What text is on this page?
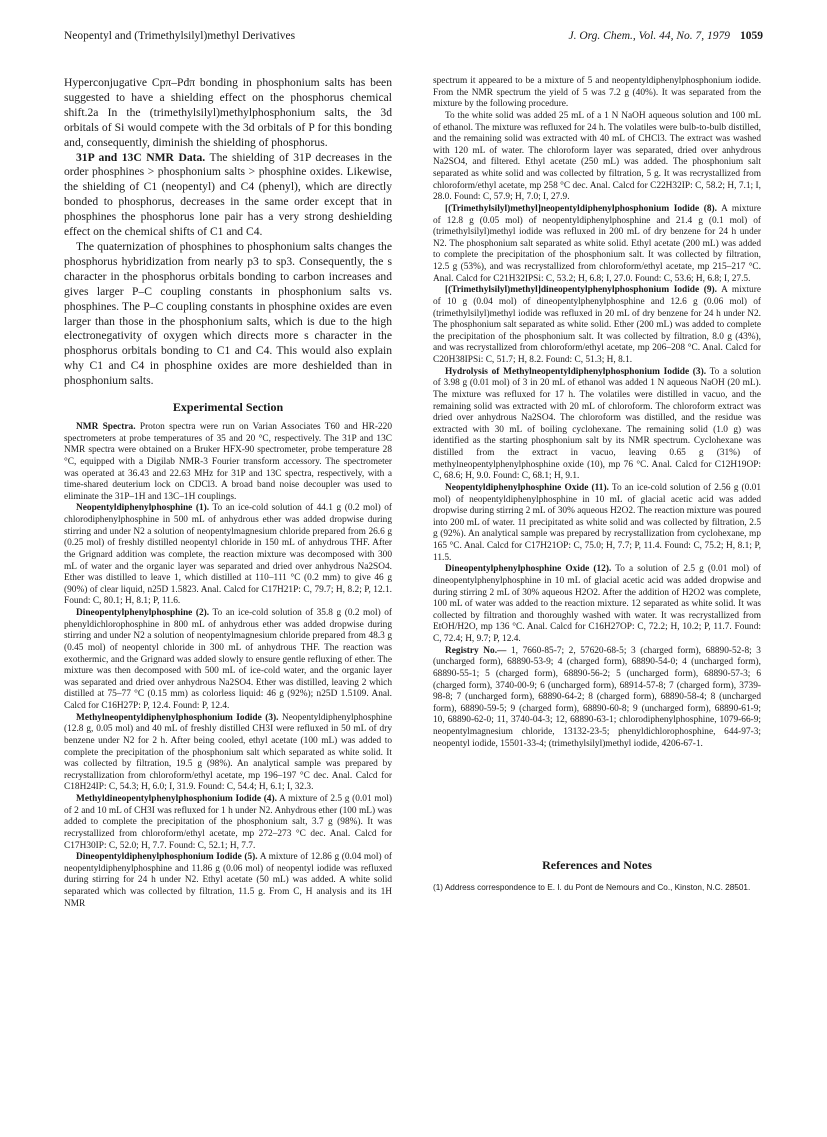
Neopentyl and (Trimethylsilyl)methyl Derivatives	J. Org. Chem., Vol. 44, No. 7, 1979 1059

Hyperconjugative Cpπ–Pdπ bonding in phosphonium salts has been suggested to have a shielding effect on the phosphorus chemical shift.2a In the (trimethylsilyl)methylphosphonium salts, the 3d orbitals of Si would compete with the 3d orbitals of P for this bonding and, consequently, diminish the shielding of phosphorus.

31P and 13C NMR Data. The shielding of 31P decreases in the order phosphines > phosphonium salts > phosphine oxides. Likewise, the shielding of C1 (neopentyl) and C4 (phenyl), which are directly bonded to phosphorus, decreases in the same order except that in phosphines the phosphorus lone pair has a very strong deshielding effect on the chemical shifts of C1 and C4.

The quaternization of phosphines to phosphonium salts changes the phosphorus hybridization from nearly p3 to sp3. Consequently, the s character in the phosphorus orbitals bonding to carbon increases and gives larger P–C coupling constants in phosphonium salts vs. phosphines. The P–C coupling constants in phosphine oxides are even larger than those in the phosphonium salts, which is due to the high electronegativity of oxygen which directs more s character in the phosphorus orbitals bonding to C1 and C4. This would also explain why C1 and C4 in phosphine oxides are more deshielded than in phosphonium salts.

Experimental Section

NMR Spectra. Proton spectra were run on Varian Associates T60 and HR-220 spectrometers at probe temperatures of 35 and 20 °C, respectively. The 31P and 13C NMR spectra were obtained on a Bruker HFX-90 spectrometer, probe temperature 28 °C, equipped with a Digilab NMR-3 Fourier transform accessory. The spectrometer was operated at 36.43 and 22.63 MHz for 31P and 13C spectra, respectively, with a time-shared deuterium lock on CDCl3. A broad band noise decoupler was used to eliminate the 31P–1H and 13C–1H couplings.

Neopentyldiphenylphosphine (1). To an ice-cold solution of 44.1 g (0.2 mol) of chlorodiphenylphosphine in 500 mL of anhydrous ether was added dropwise during stirring and under N2 a solution of neopentylmagnesium chloride prepared from 26.6 g (0.25 mol) of freshly distilled neopentyl chloride in 150 mL of anhydrous THF. After the Grignard addition was complete, the reaction mixture was decomposed with 300 mL of water and the organic layer was separated and dried over anhydrous Na2SO4. Ether was distilled to leave 1, which distilled at 110–111 °C (0.2 mm) to give 46 g (90%) of clear liquid, n25D 1.5823. Anal. Calcd for C17H21P: C, 79.7; H, 8.2; P, 12.1. Found: C, 80.1; H, 8.1; P, 11.6.

Dineopentylphenylphosphine (2). To an ice-cold solution of 35.8 g (0.2 mol) of phenyldichlorophosphine in 800 mL of anhydrous ether was added dropwise during stirring and under N2 a solution of neopentylmagnesium chloride prepared from 48.3 g (0.45 mol) of neopentyl chloride in 300 mL of anhydrous THF. The reaction was exothermic, and the Grignard was added slowly to ensure gentle refluxing of ether. The mixture was then decomposed with 500 mL of ice-cold water, and the organic layer was separated and dried over anhydrous Na2SO4. Ether was distilled, leaving 2 which distilled at 75–77 °C (0.15 mm) as colorless liquid: 46 g (92%); n25D 1.5109. Anal. Calcd for C16H27P: P, 12.4. Found: P, 12.4.

Methylneopentyldiphenylphosphonium Iodide (3). Neopentyldiphenylphosphine (12.8 g, 0.05 mol) and 40 mL of freshly distilled CH3I were refluxed in 50 mL of dry benzene under N2 for 2 h. After being cooled, ethyl acetate (100 mL) was added to complete the precipitation of the phosphonium salt which separated as white solid. It was collected by filtration, 19.5 g (98%). An analytical sample was prepared by recrystallization from chloroform/ethyl acetate, mp 196–197 °C dec. Anal. Calcd for C18H24IP: C, 54.3; H, 6.0; I, 31.9. Found: C, 54.4; H, 6.1; I, 32.3.

Methyldineopentylphenylphosphonium Iodide (4). A mixture of 2.5 g (0.01 mol) of 2 and 10 mL of CH3I was refluxed for 1 h under N2. Anhydrous ether (100 mL) was added to complete the precipitation of the phosphonium salt, 3.7 g (98%). It was recrystallized from chloroform/ethyl acetate, mp 272–273 °C dec. Anal. Calcd for C17H30IP: C, 52.0; H, 7.7. Found: C, 52.1; H, 7.7.

Dineopentyldiphenylphosphonium Iodide (5). A mixture of 12.86 g (0.04 mol) of neopentyldiphenylphosphine and 11.86 g (0.06 mol) of neopentyl iodide was refluxed during stirring for 24 h under N2. Ethyl acetate (50 mL) was added. A white solid separated which was collected by filtration, 11.5 g. From C, H analysis and its 1H NMR

spectrum it appeared to be a mixture of 5 and neopentyldiphenylphosphonium iodide. From the NMR spectrum the yield of 5 was 7.2 g (40%). It was separated from the mixture by the following procedure.

To the white solid was added 25 mL of a 1 N NaOH aqueous solution and 100 mL of ethanol. The mixture was refluxed for 24 h. The volatiles were bulb-to-bulb distilled, and the remaining solid was extracted with 40 mL of CHCl3. The extract was washed with 120 mL of water. The chloroform layer was separated, dried over anhydrous Na2SO4, and filtered. Ethyl acetate (250 mL) was added. The phosphonium salt separated as white solid and was collected by filtration, 5 g. It was recrystallized from chloroform/ethyl acetate, mp 258 °C dec. Anal. Calcd for C22H32IP: C, 58.2; H, 7.1; I, 28.0. Found: C, 57.9; H, 7.0; I, 27.9.

[(Trimethylsilyl)methyl]neopentyldiphenylphosphonium Iodide (8). A mixture of 12.8 g (0.05 mol) of neopentyldiphenylphosphine and 21.4 g (0.1 mol) of (trimethylsilyl)methyl iodide was refluxed in 200 mL of dry benzene for 24 h under N2. The phosphonium salt separated as white solid. Ethyl acetate (200 mL) was added to complete the precipitation of the phosphonium salt. It was collected by filtration, 12.5 g (53%), and was recrystallized from chloroform/ethyl acetate, mp 215–217 °C. Anal. Calcd for C21H32IPSi: C, 53.2; H, 6.8; I, 27.0. Found: C, 53.6; H, 6.8; I, 27.5.

[(Trimethylsilyl)methyl]dineopentylphenylphosphonium Iodide (9). A mixture of 10 g (0.04 mol) of dineopentylphenylphosphine and 12.6 g (0.06 mol) of (trimethylsilyl)methyl iodide was refluxed in 20 mL of dry benzene for 24 h under N2. The phosphonium salt separated as white solid. Ether (200 mL) was added to complete the precipitation of the phosphonium salt. It was collected by filtration, 8.0 g (43%), and was recrystallized from chloroform/ethyl acetate, mp 206–208 °C. Anal. Calcd for C20H38IPSi: C, 51.7; H, 8.2. Found: C, 51.3; H, 8.1.

Hydrolysis of Methylneopentyldiphenylphosphonium Iodide (3). To a solution of 3.98 g (0.01 mol) of 3 in 20 mL of ethanol was added 1 N aqueous NaOH (20 mL). The mixture was refluxed for 17 h. The volatiles were distilled in vacuo, and the remaining solid was extracted with 20 mL of chloroform. The chloroform extract was dried over anhydrous Na2SO4. The chloroform was distilled, and the residue was extracted with 30 mL of boiling cyclohexane. The remaining solid (1.0 g) was identified as the starting phosphonium salt by its NMR spectrum. Cyclohexane was distilled from the extract in vacuo, leaving 0.65 g (31%) of methylneopentylphenylphosphine oxide (10), mp 76 °C. Anal. Calcd for C12H19OP: C, 68.6; H, 9.0. Found: C, 68.1; H, 9.1.

Neopentyldiphenylphosphine Oxide (11). To an ice-cold solution of 2.56 g (0.01 mol) of neopentyldiphenylphosphine in 10 mL of glacial acetic acid was added dropwise during stirring 2 mL of 30% aqueous H2O2. The reaction mixture was poured into 200 mL of water. 11 precipitated as white solid and was collected by filtration, 2.5 g (92%). An analytical sample was prepared by recrystallization from cyclohexane, mp 165 °C. Anal. Calcd for C17H21OP: C, 75.0; H, 7.7; P, 11.4. Found: C, 75.2; H, 8.1; P, 11.5.

Dineopentylphenylphosphine Oxide (12). To a solution of 2.5 g (0.01 mol) of dineopentylphenylphosphine in 10 mL of glacial acetic acid was added dropwise and during stirring 2 mL of 30% aqueous H2O2. After the addition of H2O2 was complete, 100 mL of water was added to the reaction mixture. 12 separated as white solid. It was collected by filtration and thoroughly washed with water. It was recrystallized from EtOH/H2O, mp 136 °C. Anal. Calcd for C16H27OP: C, 72.2; H, 10.2; P, 11.7. Found: C, 72.4; H, 9.7; P, 12.4.

Registry No.— 1, 7660-85-7; 2, 57620-68-5; 3 (charged form), 68890-52-8; 3 (uncharged form), 68890-53-9; 4 (charged form), 68890-54-0; 4 (uncharged form), 68890-55-1; 5 (charged form), 68890-56-2; 5 (uncharged form), 68890-57-3; 6 (charged form), 3740-00-9; 6 (uncharged form), 68914-57-8; 7 (charged form), 3739-98-8; 7 (uncharged form), 68890-64-2; 8 (charged form), 68890-58-4; 8 (uncharged form), 68890-59-5; 9 (charged form), 68890-60-8; 9 (uncharged form), 68890-61-9; 10, 68890-62-0; 11, 3740-04-3; 12, 68890-63-1; chlorodiphenylphosphine, 1079-66-9; neopentylmagnesium chloride, 13132-23-5; phenyldichlorophosphine, 644-97-3; neopentyl iodide, 15501-33-4; (trimethylsilyl)methyl iodide, 4206-67-1.

References and Notes

(1) Address correspondence to E. I. du Pont de Nemours and Co., Kinston, N.C. 28501.
